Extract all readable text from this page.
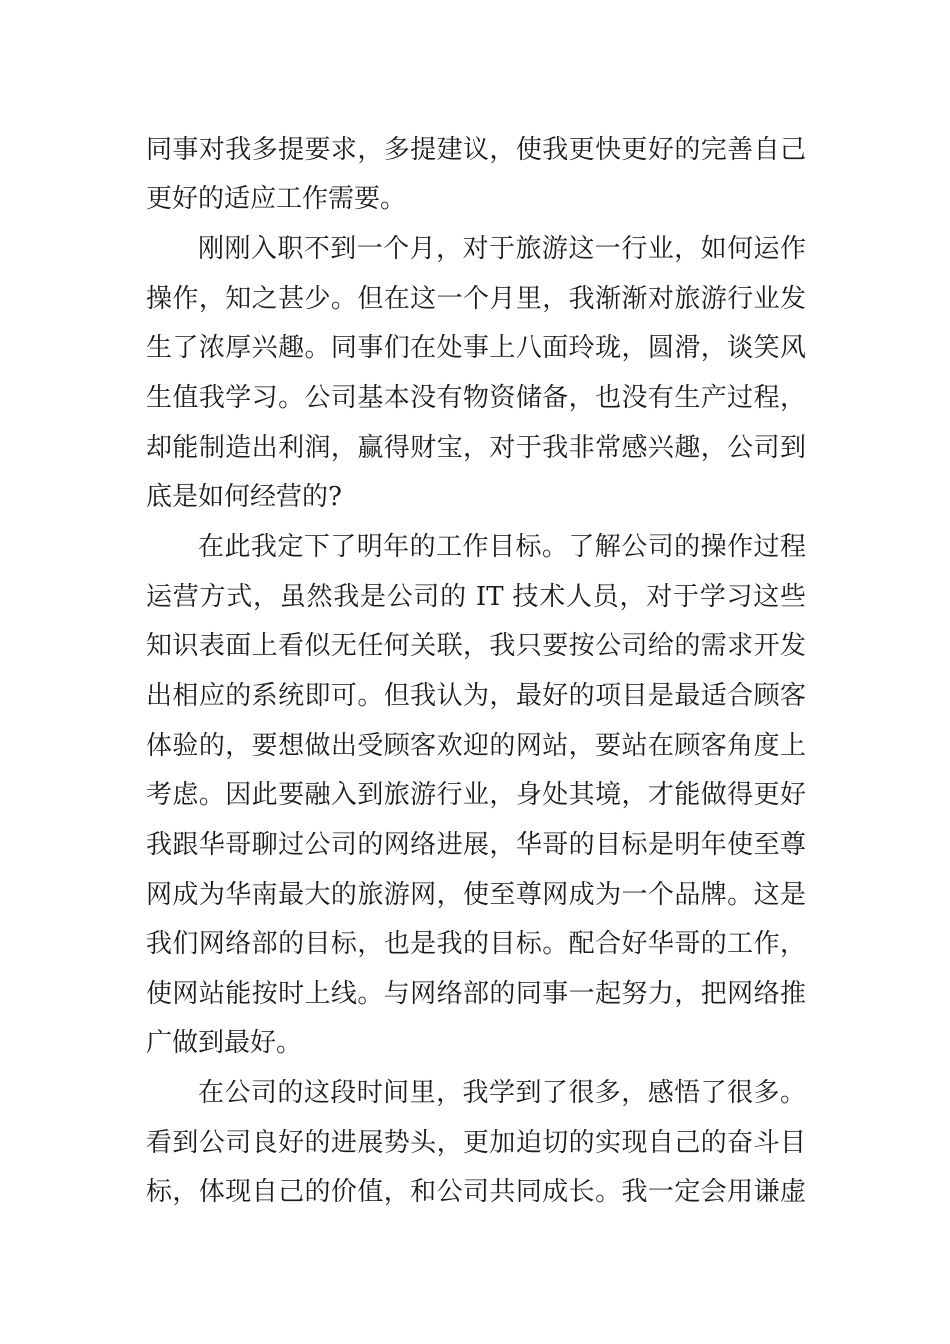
同事对我多提要求，多提建议，使我更快更好的完善自己
更好的适应工作需要。
刚刚入职不到一个月，对于旅游这一行业，如何运作
操作，知之甚少。但在这一个月里，我渐渐对旅游行业发
生了浓厚兴趣。同事们在处事上八面玲珑，圆滑，谈笑风
生值我学习。公司基本没有物资储备，也没有生产过程，
却能制造出利润，赢得财宝，对于我非常感兴趣，公司到
底是如何经营的?
在此我定下了明年的工作目标。了解公司的操作过程
运营方式，虽然我是公司的 IT 技术人员，对于学习这些
知识表面上看似无任何关联，我只要按公司给的需求开发
出相应的系统即可。但我认为，最好的项目是最适合顾客
体验的，要想做出受顾客欢迎的网站，要站在顾客角度上
考虑。因此要融入到旅游行业，身处其境，才能做得更好
我跟华哥聊过公司的网络进展，华哥的目标是明年使至尊
网成为华南最大的旅游网，使至尊网成为一个品牌。这是
我们网络部的目标，也是我的目标。配合好华哥的工作，
使网站能按时上线。与网络部的同事一起努力，把网络推
广做到最好。
在公司的这段时间里，我学到了很多，感悟了很多。
看到公司良好的进展势头，更加迫切的实现自己的奋斗目
标，体现自己的价值，和公司共同成长。我一定会用谦虚
